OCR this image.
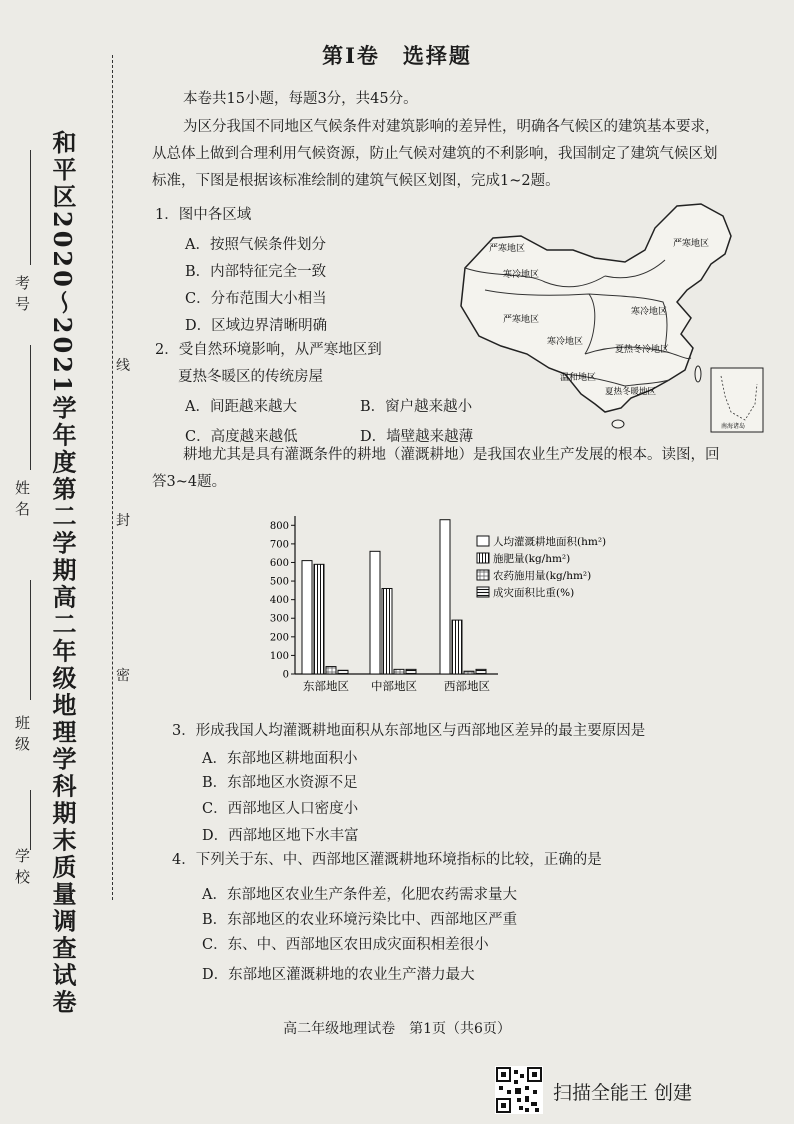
和平区2020～2021学年度第二学期高二年级地理学科期末质量调查试卷	线
封
密
学校
班级
姓名
考号
第Ⅰ卷　选择题
本卷共15小题，每题3分，共45分。
为区分我国不同地区气候条件对建筑影响的差异性，明确各气候区的建筑基本要求，
从总体上做到合理利用气候资源，防止气候对建筑的不利影响，我国制定了建筑气候区划
标准，下图是根据该标准绘制的建筑气候区划图，完成1~2题。
1．图中各区域
A．按照气候条件划分
B．内部特征完全一致
C．分布范围大小相当
D．区域边界清晰明确
2．受自然环境影响，从严寒地区到
夏热冬暖区的传统房屋
A．间距越来越大	B．窗户越来越小
C．高度越来越低	D．墙壁越来越薄
严寒地区	严寒地区
寒冷地区
严寒地区
寒冷地区
寒冷地区
夏热冬冷地区
温和地区
夏热冬暖地区
南海诸岛
耕地尤其是具有灌溉条件的耕地（灌溉耕地）是我国农业生产发展的根本。读图，回
答3~4题。
0
100
200
300
400
500
600
700
800
东部地区 中部地区 西部地区
人均灌溉耕地面积(hm²)
施肥量(kg/hm²)
农药施用量(kg/hm²)
成灾面积比重(%)
3．形成我国人均灌溉耕地面积从东部地区与西部地区差异的最主要原因是
A．东部地区耕地面积小
B．东部地区水资源不足
C．西部地区人口密度小
D．西部地区地下水丰富
4．下列关于东、中、西部地区灌溉耕地环境指标的比较，正确的是
A．东部地区农业生产条件差，化肥农药需求量大
B．东部地区的农业环境污染比中、西部地区严重
C．东、中、西部地区农田成灾面积相差很小
D．东部地区灌溉耕地的农业生产潜力最大
高二年级地理试卷　第1页（共6页）
扫描全能王 创建
